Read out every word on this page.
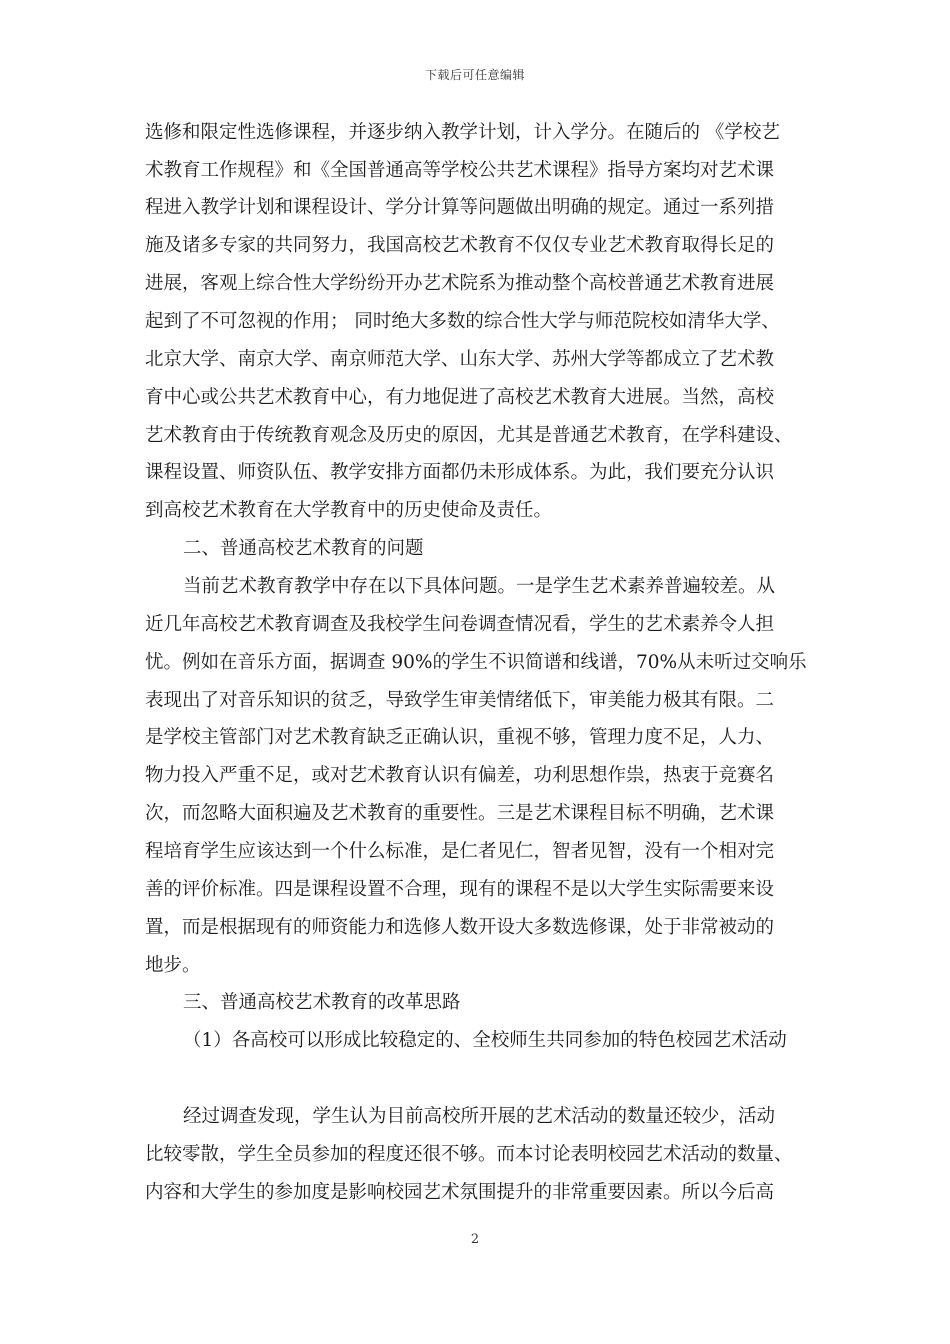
下载后可任意编辑
选修和限定性选修课程，并逐步纳入教学计划，计入学分。在随后的 《学校艺
术教育工作规程》和《全国普通高等学校公共艺术课程》指导方案均对艺术课
程进入教学计划和课程设计、学分计算等问题做出明确的规定。通过一系列措
施及诸多专家的共同努力，我国高校艺术教育不仅仅专业艺术教育取得长足的
进展，客观上综合性大学纷纷开办艺术院系为推动整个高校普通艺术教育进展
起到了不可忽视的作用； 同时绝大多数的综合性大学与师范院校如清华大学、
北京大学、南京大学、南京师范大学、山东大学、苏州大学等都成立了艺术教
育中心或公共艺术教育中心，有力地促进了高校艺术教育大进展。当然，高校
艺术教育由于传统教育观念及历史的原因，尤其是普通艺术教育，在学科建设、
课程设置、师资队伍、教学安排方面都仍未形成体系。为此，我们要充分认识
到高校艺术教育在大学教育中的历史使命及责任。
二、普通高校艺术教育的问题
当前艺术教育教学中存在以下具体问题。一是学生艺术素养普遍较差。从
近几年高校艺术教育调查及我校学生问卷调查情况看，学生的艺术素养令人担
忧。例如在音乐方面，据调查 90%的学生不识简谱和线谱，70%从未听过交响乐
表现出了对音乐知识的贫乏，导致学生审美情绪低下，审美能力极其有限。二
是学校主管部门对艺术教育缺乏正确认识，重视不够，管理力度不足，人力、
物力投入严重不足，或对艺术教育认识有偏差，功利思想作祟，热衷于竞赛名
次，而忽略大面积遍及艺术教育的重要性。三是艺术课程目标不明确，艺术课
程培育学生应该达到一个什么标准，是仁者见仁，智者见智，没有一个相对完
善的评价标准。四是课程设置不合理，现有的课程不是以大学生实际需要来设
置，而是根据现有的师资能力和选修人数开设大多数选修课，处于非常被动的
地步。
三、普通高校艺术教育的改革思路
（1）各高校可以形成比较稳定的、全校师生共同参加的特色校园艺术活动
经过调查发现，学生认为目前高校所开展的艺术活动的数量还较少，活动
比较零散，学生全员参加的程度还很不够。而本讨论表明校园艺术活动的数量、
内容和大学生的参加度是影响校园艺术氛围提升的非常重要因素。所以今后高
2
